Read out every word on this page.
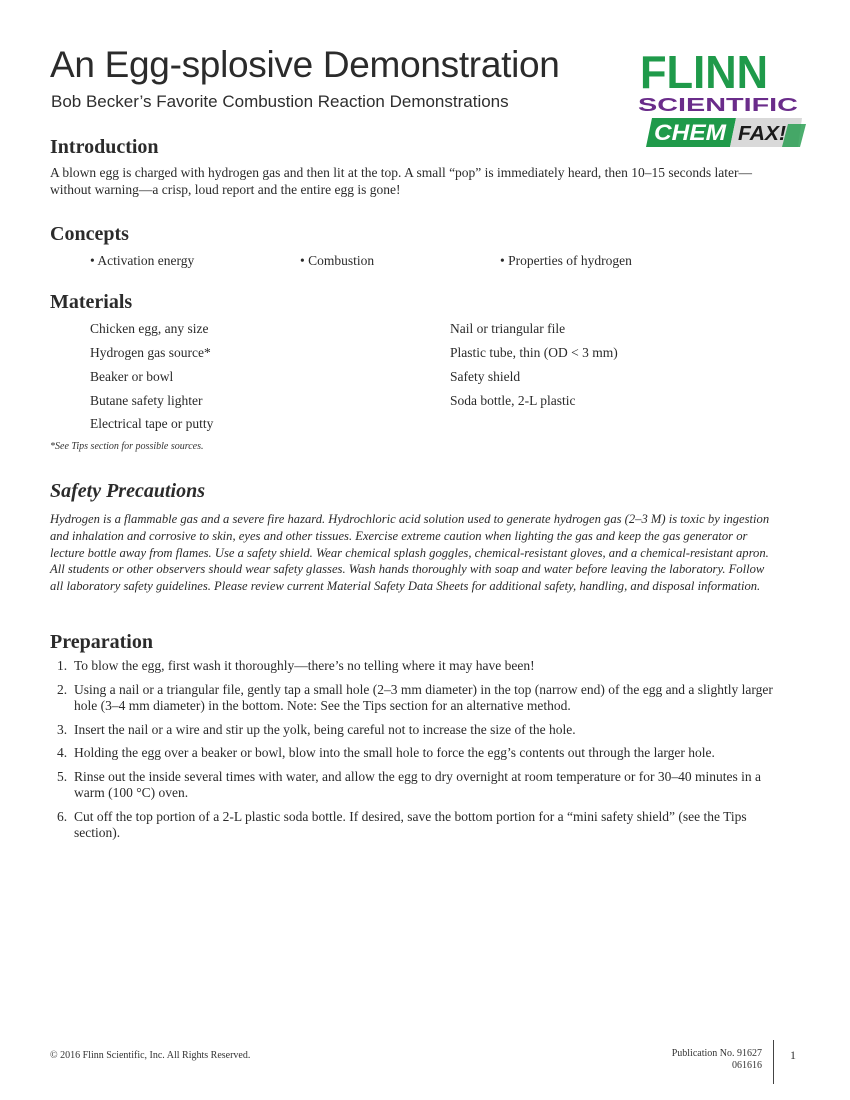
An Egg-splosive Demonstration
Bob Becker’s Favorite Combustion Reaction Demonstrations
FLINN
SCIENTIFIC
CHEM FAX!
Introduction
A blown egg is charged with hydrogen gas and then lit at the top. A small “pop” is immediately heard, then 10–15 seconds later—without warning—a crisp, loud report and the entire egg is gone!
Concepts
• Activation energy	• Combustion	• Properties of hydrogen
Materials
Chicken egg, any size
Hydrogen gas source*
Beaker or bowl
Butane safety lighter
Electrical tape or putty
Nail or triangular file
Plastic tube, thin (OD < 3 mm)
Safety shield
Soda bottle, 2-L plastic
*See Tips section for possible sources.
Safety Precautions
Hydrogen is a flammable gas and a severe fire hazard. Hydrochloric acid solution used to generate hydrogen gas (2–3 M) is toxic by ingestion and inhalation and corrosive to skin, eyes and other tissues. Exercise extreme caution when lighting the gas and keep the gas generator or lecture bottle away from flames. Use a safety shield. Wear chemical splash goggles, chemical-resistant gloves, and a chemical-resistant apron. All students or other observers should wear safety glasses. Wash hands thoroughly with soap and water before leaving the laboratory. Follow all laboratory safety guidelines. Please review current Material Safety Data Sheets for additional safety, handling, and disposal information.
Preparation
1. To blow the egg, first wash it thoroughly—there’s no telling where it may have been!
2. Using a nail or a triangular file, gently tap a small hole (2–3 mm diameter) in the top (narrow end) of the egg and a slightly larger hole (3–4 mm diameter) in the bottom. Note: See the Tips section for an alternative method.
3. Insert the nail or a wire and stir up the yolk, being careful not to increase the size of the hole.
4. Holding the egg over a beaker or bowl, blow into the small hole to force the egg’s contents out through the larger hole.
5. Rinse out the inside several times with water, and allow the egg to dry overnight at room temperature or for 30–40 minutes in a warm (100 °C) oven.
6. Cut off the top portion of a 2-L plastic soda bottle. If desired, save the bottom portion for a “mini safety shield” (see the Tips section).
© 2016 Flinn Scientific, Inc. All Rights Reserved.	Publication No. 91627
061616
1
